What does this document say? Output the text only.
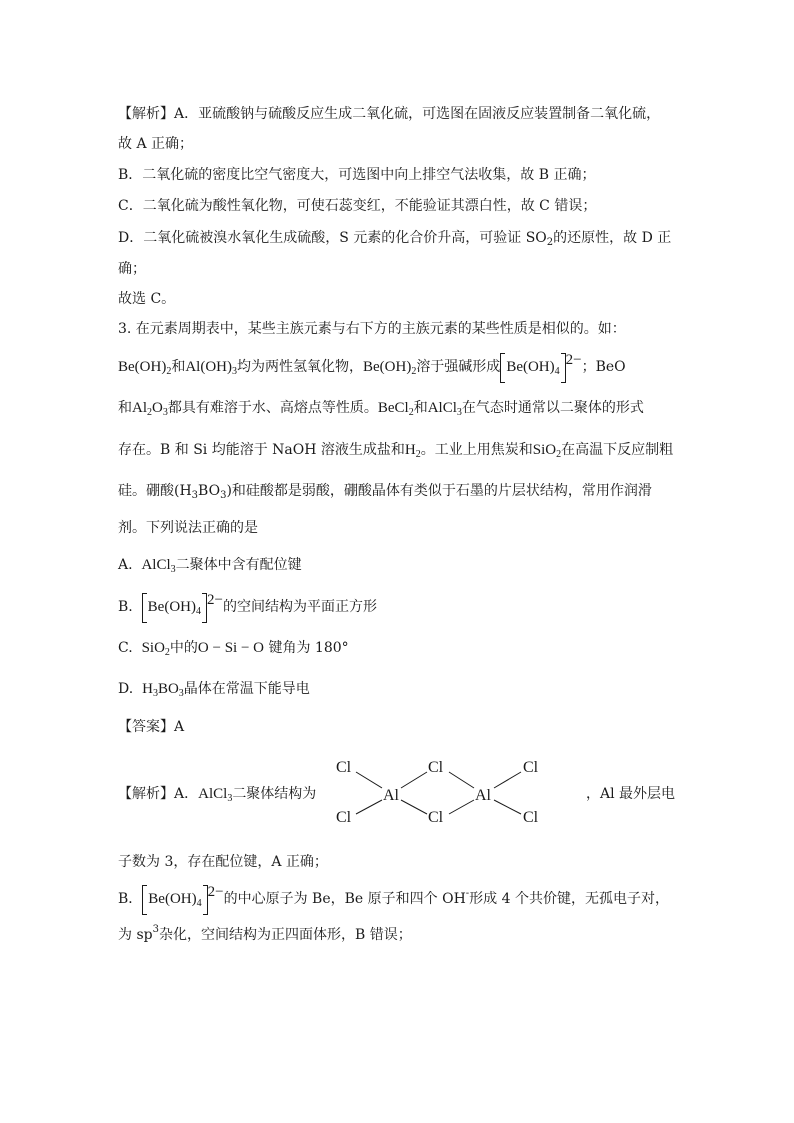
【解析】A．亚硫酸钠与硫酸反应生成二氧化硫，可选图在固液反应装置制备二氧化硫，
故 A 正确；
B．二氧化硫的密度比空气密度大，可选图中向上排空气法收集，故 B 正确；
C．二氧化硫为酸性氧化物，可使石蕊变红，不能验证其漂白性，故 C 错误；
D．二氧化硫被溴水氧化生成硫酸，S 元素的化合价升高，可验证 $SO_2$的还原性，故 D 正
确；
故选 C。
3. 在元素周期表中，某些主族元素与右下方的主族元素的某些性质是相似的。如：
$Be(OH)_2$和$Al(OH)_3$均为两性氢氧化物，$Be(OH)_2$溶于强碱形成 $Be(OH)_4^{2-}$；BeO
和$Al_2O_3$都具有难溶于水、高熔点等性质。BeCl$_2$和AlCl$_3$在气态时通常以二聚体的形式
存在。B 和 Si 均能溶于 NaOH 溶液生成盐和$H_2$。工业上用焦炭和SiO$_2$在高温下反应制粗
硅。硼酸$(H_3BO_3)$和硅酸都是弱酸，硼酸晶体有类似于石墨的片层状结构，常用作润滑
剂。下列说法正确的是
A. AlCl$_3$二聚体中含有配位键
B. $Be(OH)_4^{2-}$的空间结构为平面正方形
C. SiO$_2$中的O − Si − O 键角为 180°
D. $H_3BO_3$晶体在常温下能导电
【答案】A
【解析】A．AlCl$_3$二聚体结构为
Cl
Cl
Al
Cl
Cl
Al
Cl
Cl
，Al 最外层电
子数为 3，存在配位键，A 正确；
B． $Be(OH)_4^{2-}$的中心原子为 Be，Be 原子和四个 OH-形成 4 个共价键，无孤电子对，
为 $sp^3$杂化，空间结构为正四面体形，B 错误；
